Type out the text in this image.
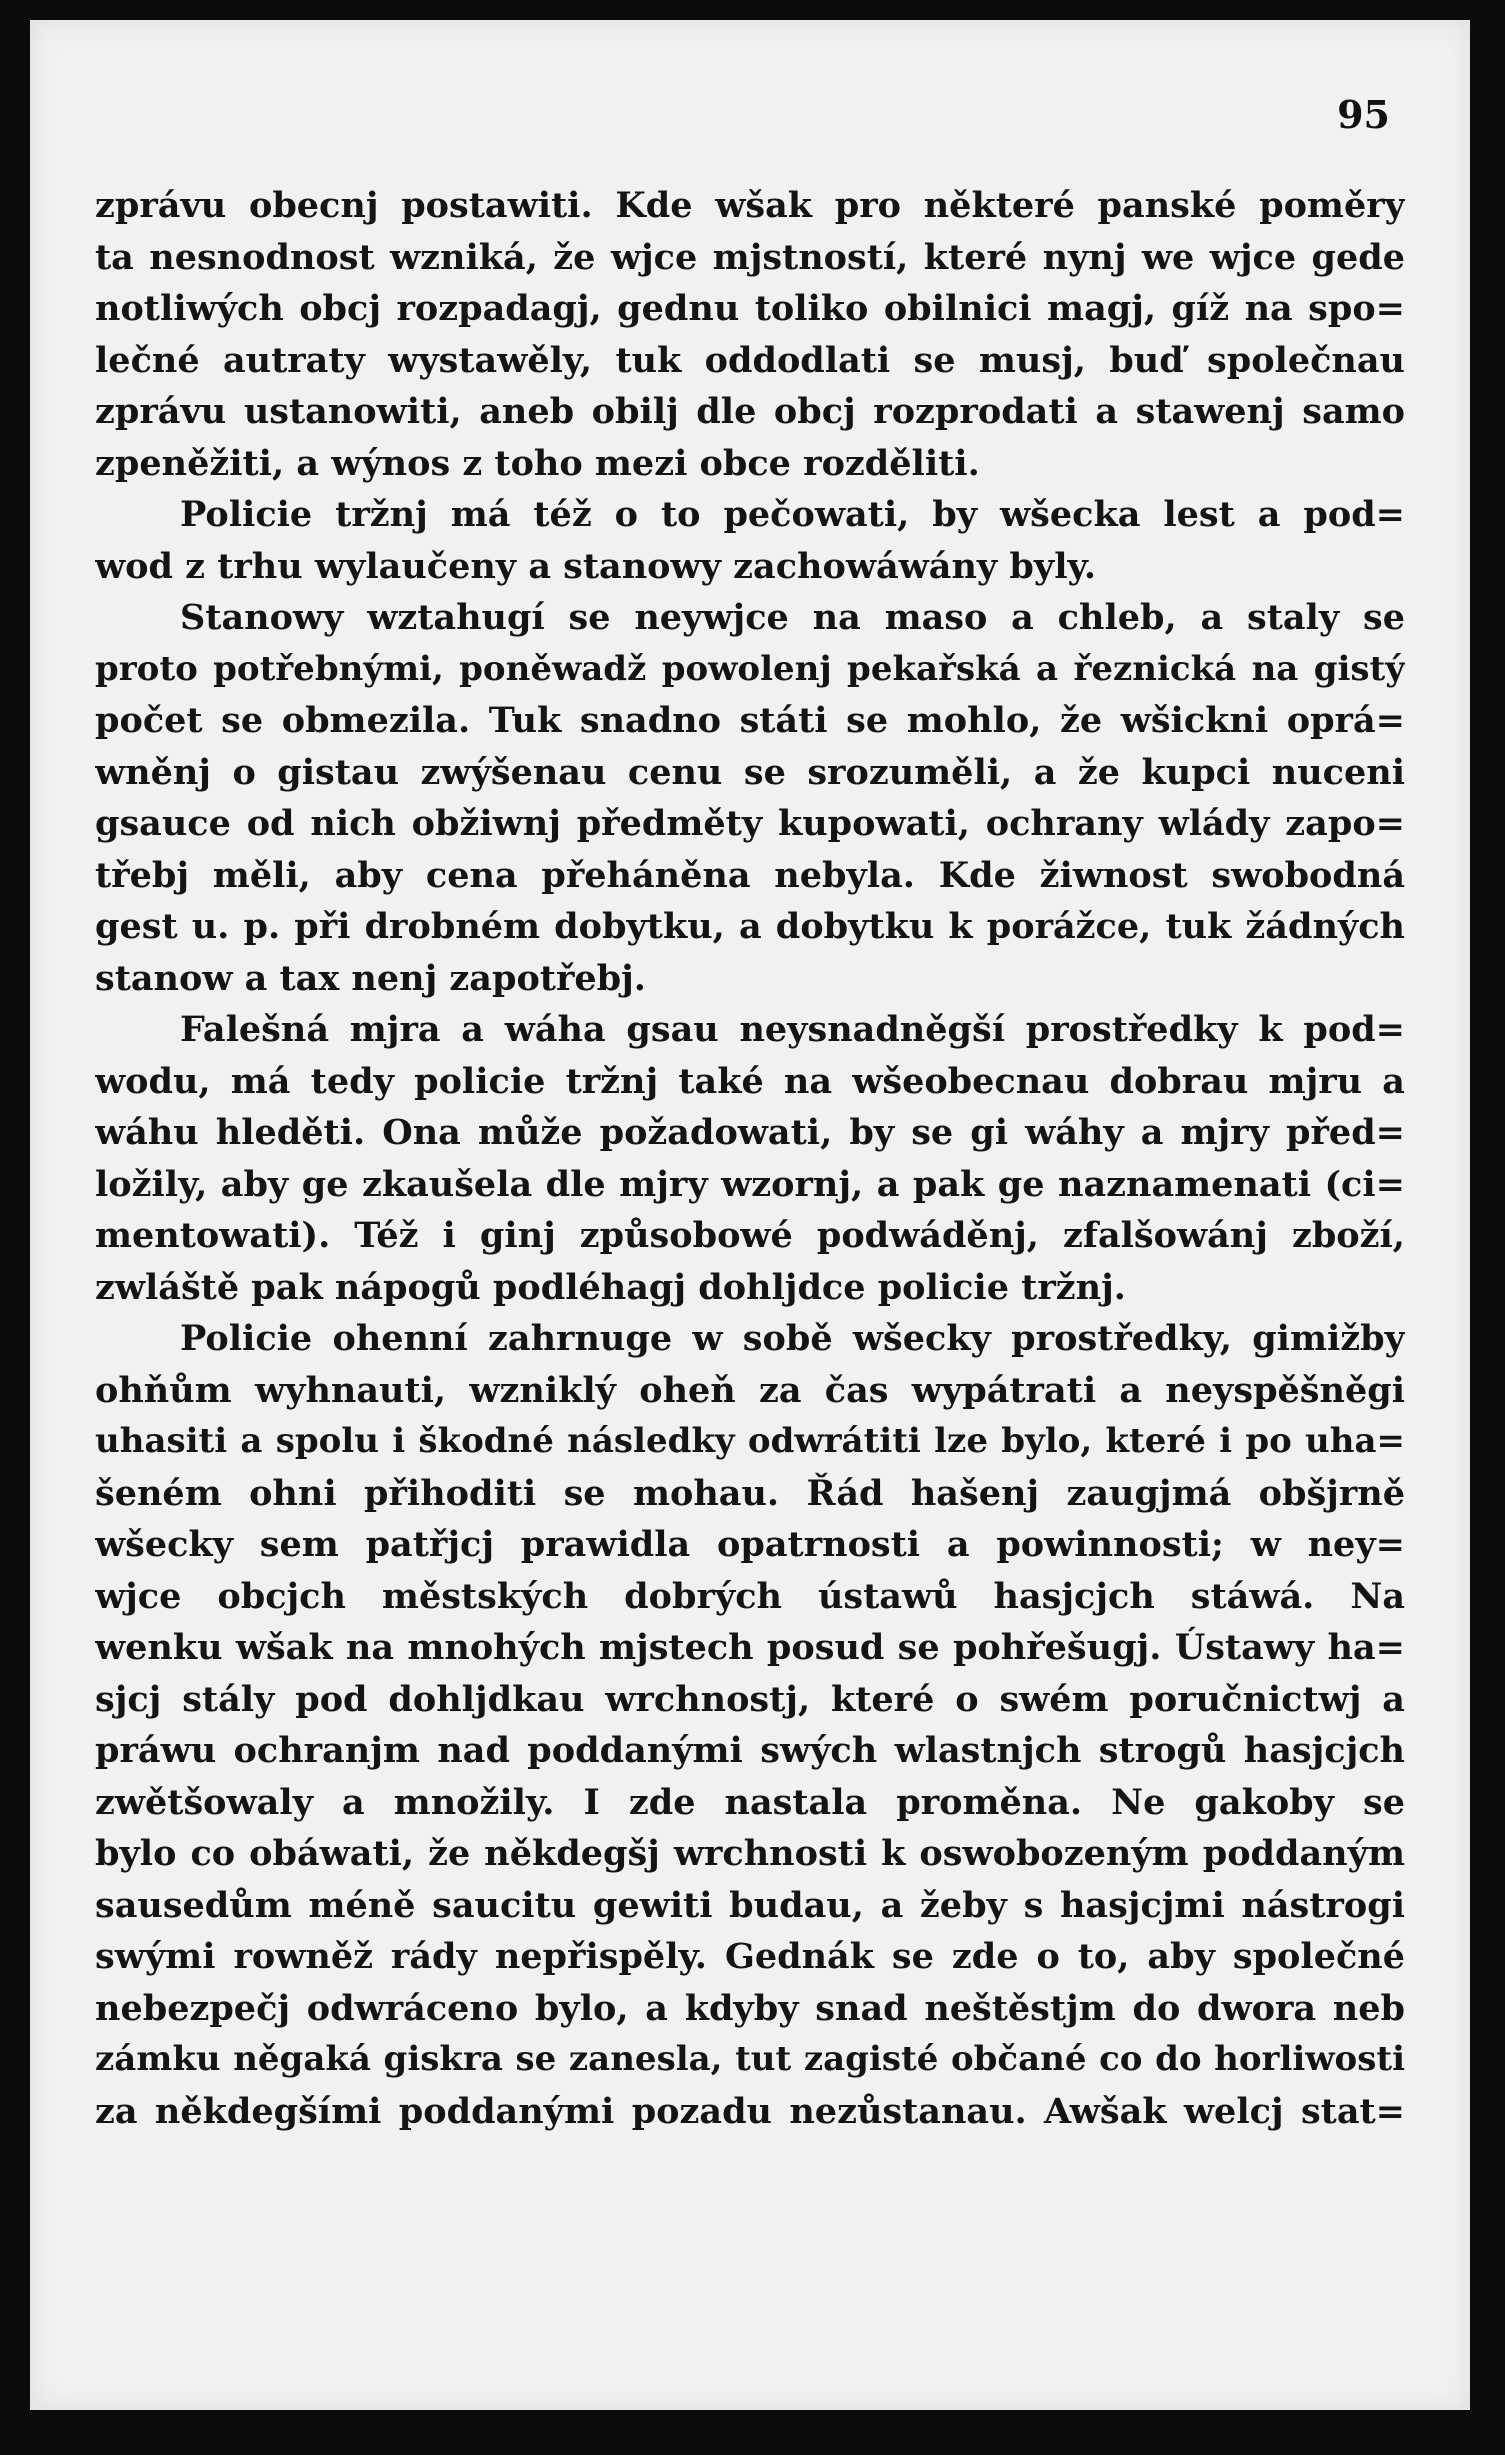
95
zprávu obecnj postawiti. Kde wšak pro některé panské poměry
ta nesnodnost wzniká, že wjce mjstností, které nynj we wjce gede
notliwých obcj rozpadagj, gednu toliko obilnici magj, gíž na spo=
lečné autraty wystawěly, tuk oddodlati se musj, buď společnau
zprávu ustanowiti, aneb obilj dle obcj rozprodati a stawenj samo
zpeněžiti, a wýnos z toho mezi obce rozděliti.
Policie tržnj má též o to pečowati, by wšecka lest a pod=
wod z trhu wylaučeny a stanowy zachowáwány byly.
Stanowy wztahugí se neywjce na maso a chleb, a staly se
proto potřebnými, poněwadž powolenj pekařská a řeznická na gistý
počet se obmezila. Tuk snadno státi se mohlo, že wšickni oprá=
wněnj o gistau zwýšenau cenu se srozuměli, a že kupci nuceni
gsauce od nich obžiwnj předměty kupowati, ochrany wlády zapo=
třebj měli, aby cena přeháněna nebyla. Kde žiwnost swobodná
gest u. p. při drobném dobytku, a dobytku k porážce, tuk žádných
stanow a tax nenj zapotřebj.
Falešná mjra a wáha gsau neysnadněgší prostředky k pod=
wodu, má tedy policie tržnj také na wšeobecnau dobrau mjru a
wáhu hleděti. Ona může požadowati, by se gi wáhy a mjry před=
ložily, aby ge zkaušela dle mjry wzornj, a pak ge naznamenati (ci=
mentowati). Též i ginj způsobowé podwáděnj, zfalšowánj zboží,
zwláště pak nápogů podléhagj dohljdce policie tržnj.
Policie ohenní zahrnuge w sobě wšecky prostředky, gimižby
ohňům wyhnauti, wzniklý oheň za čas wypátrati a neyspěšněgi
uhasiti a spolu i škodné následky odwrátiti lze bylo, které i po uha=
šeném ohni přihoditi se mohau. Řád hašenj zaugjmá obšjrně
wšecky sem patřjcj prawidla opatrnosti a powinnosti; w ney=
wjce obcjch městských dobrých ústawů hasjcjch stáwá. Na
wenku wšak na mnohých mjstech posud se pohřešugj. Ústawy ha=
sjcj stály pod dohljdkau wrchnostj, které o swém poručnictwj a
práwu ochranjm nad poddanými swých wlastnjch strogů hasjcjch
zwětšowaly a množily. I zde nastala proměna. Ne gakoby se
bylo co obáwati, že někdegšj wrchnosti k oswobozeným poddaným
sausedům méně saucitu gewiti budau, a žeby s hasjcjmi nástrogi
swými rowněž rády nepřispěly. Gednák se zde o to, aby společné
nebezpečj odwráceno bylo, a kdyby snad neštěstjm do dwora neb
zámku něgaká giskra se zanesla, tut zagisté občané co do horliwosti
za někdegšími poddanými pozadu nezůstanau. Awšak welcj stat=
